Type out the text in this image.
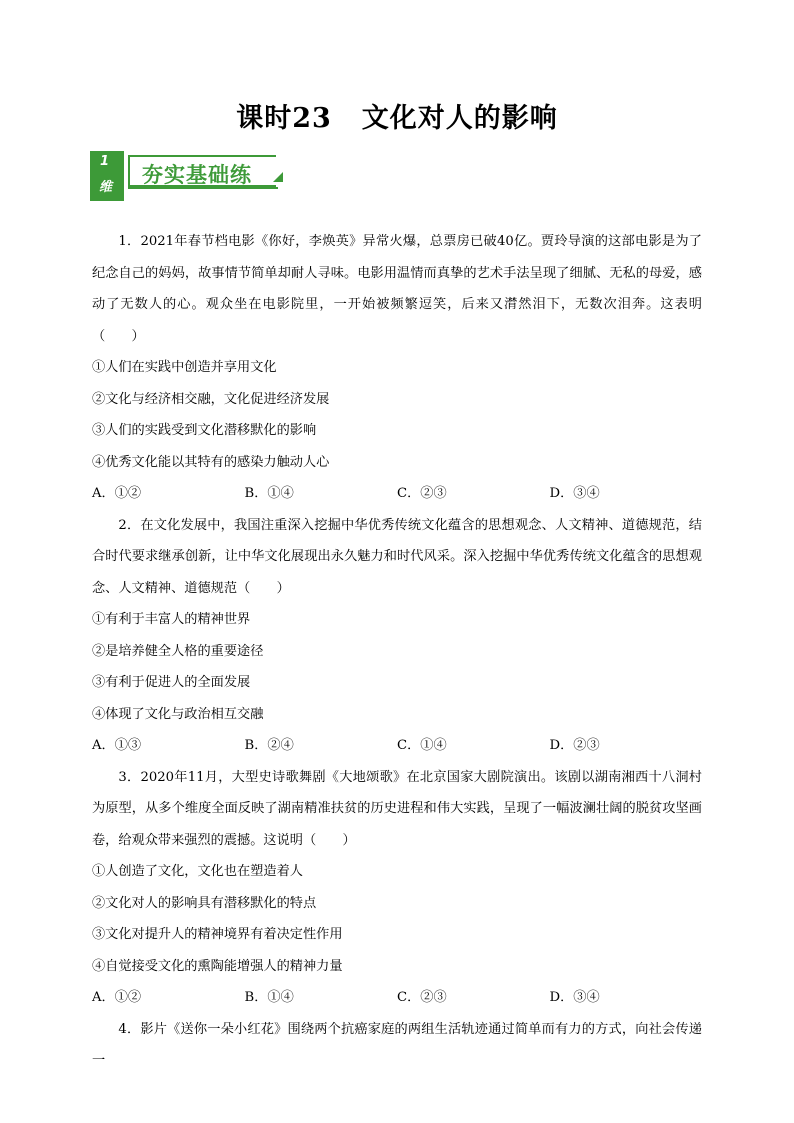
课时23 文化对人的影响
1
维
夯实基础练

1．2021年春节档电影《你好，李焕英》异常火爆，总票房已破40亿。贾玲导演的这部电影是为了纪念自己的妈妈，故事情节简单却耐人寻味。电影用温情而真挚的艺术手法呈现了细腻、无私的母爱，感动了无数人的心。观众坐在电影院里，一开始被频繁逗笑，后来又潸然泪下，无数次泪奔。这表明（　　）

①人们在实践中创造并享用文化

②文化与经济相交融，文化促进经济发展

③人们的实践受到文化潜移默化的影响

④优秀文化能以其特有的感染力触动人心

A．①②	B．①④	C．②③	D．③④

2．在文化发展中，我国注重深入挖掘中华优秀传统文化蕴含的思想观念、人文精神、道德规范，结合时代要求继承创新，让中华文化展现出永久魅力和时代风采。深入挖掘中华优秀传统文化蕴含的思想观念、人文精神、道德规范（　　）

①有利于丰富人的精神世界

②是培养健全人格的重要途径

③有利于促进人的全面发展

④体现了文化与政治相互交融

A．①③	B．②④	C．①④	D．②③

3．2020年11月，大型史诗歌舞剧《大地颂歌》在北京国家大剧院演出。该剧以湖南湘西十八洞村为原型，从多个维度全面反映了湖南精准扶贫的历史进程和伟大实践，呈现了一幅波澜壮阔的脱贫攻坚画卷，给观众带来强烈的震撼。这说明（　　）

①人创造了文化，文化也在塑造着人

②文化对人的影响具有潜移默化的特点

③文化对提升人的精神境界有着决定性作用

④自觉接受文化的熏陶能增强人的精神力量

A．①②	B．①④	C．②③	D．③④

4．影片《送你一朵小红花》围绕两个抗癌家庭的两组生活轨迹通过简单而有力的方式，向社会传递一
